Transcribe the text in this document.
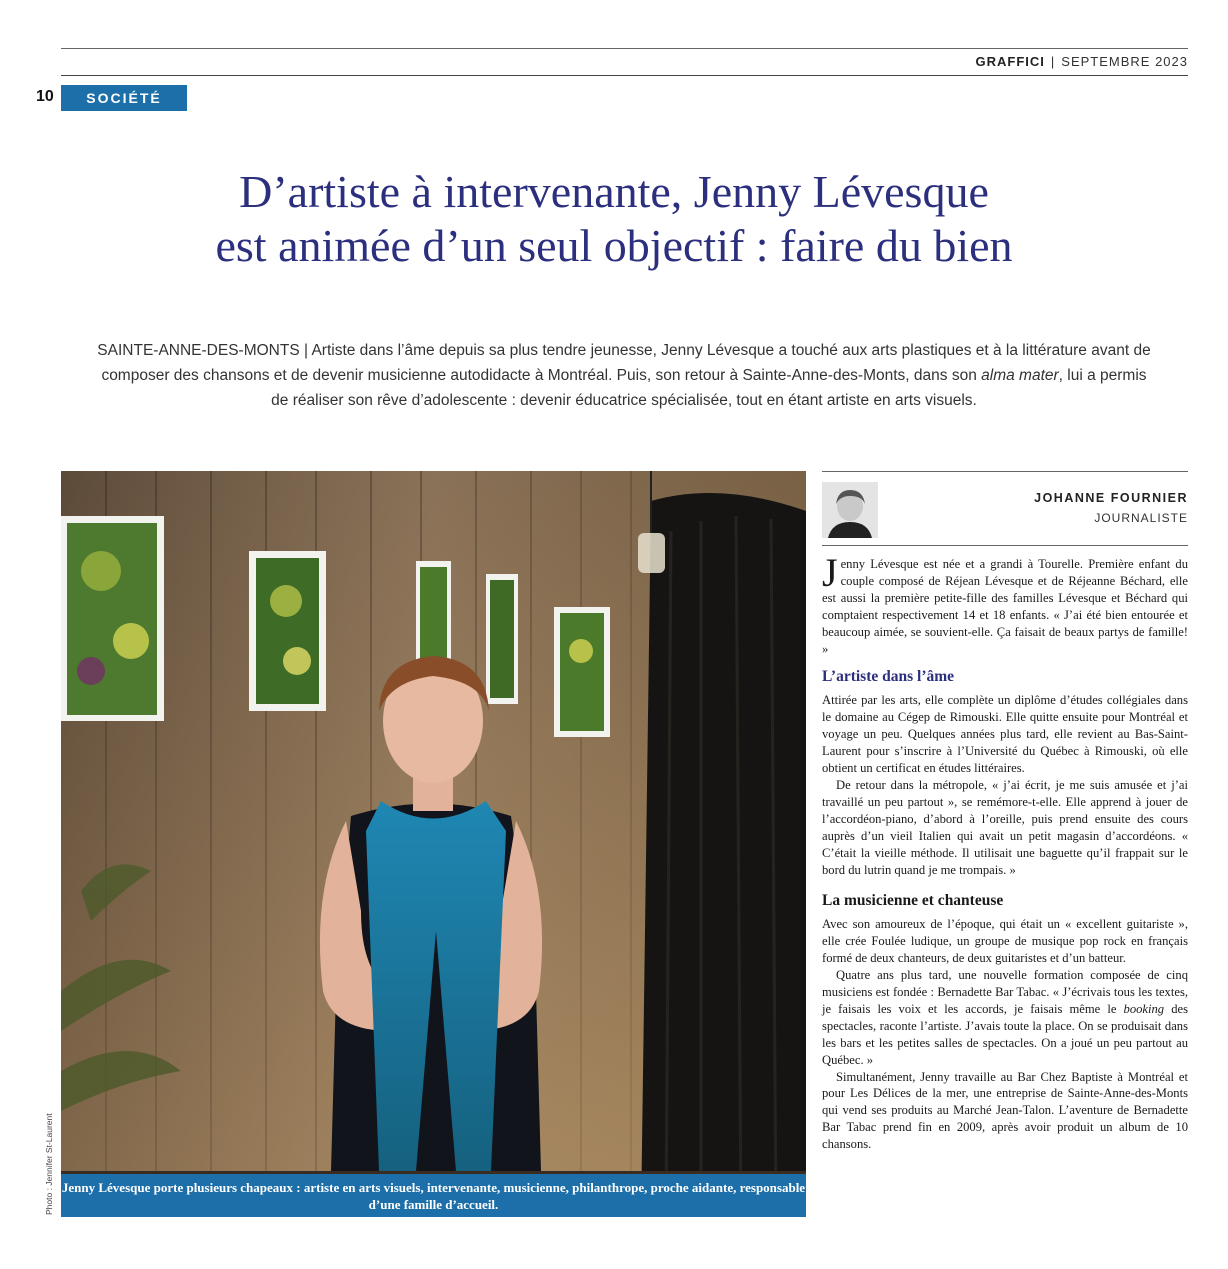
GRAFFICI | SEPTEMBRE 2023
10	SOCIÉTÉ
D’artiste à intervenante, Jenny Lévesque
est animée d’un seul objectif : faire du bien

SAINTE-ANNE-DES-MONTS | Artiste dans l’âme depuis sa plus tendre jeunesse, Jenny Lévesque a touché aux arts plastiques et à la littérature avant de composer des chansons et de devenir musicienne autodidacte à Montréal. Puis, son retour à Sainte-Anne-des-Monts, dans son alma mater, lui a permis de réaliser son rêve d’adolescente : devenir éducatrice spécialisée, tout en étant artiste en arts visuels.

Jenny Lévesque porte plusieurs chapeaux : artiste en arts visuels, intervenante, musicienne, philanthrope, proche aidante, responsable d’une famille d’accueil.
Photo : Jennifer St-Laurent
JOHANNE FOURNIER
JOURNALISTE

Jenny Lévesque est née et a grandi à Tourelle. Première enfant du couple composé de Réjean Lévesque et de Réjeanne Béchard, elle est aussi la première petite-fille des familles Lévesque et Béchard qui comptaient respectivement 14 et 18 enfants. « J’ai été bien entourée et beaucoup aimée, se souvient-elle. Ça faisait de beaux partys de famille! »

L’artiste dans l’âme

Attirée par les arts, elle complète un diplôme d’études collégiales dans le domaine au Cégep de Rimouski. Elle quitte ensuite pour Montréal et voyage un peu. Quelques années plus tard, elle revient au Bas-Saint-Laurent pour s’inscrire à l’Université du Québec à Rimouski, où elle obtient un certificat en études littéraires.

De retour dans la métropole, « j’ai écrit, je me suis amusée et j’ai travaillé un peu partout », se remémore-t-elle. Elle apprend à jouer de l’accordéon-piano, d’abord à l’oreille, puis prend ensuite des cours auprès d’un vieil Italien qui avait un petit magasin d’accordéons. « C’était la vieille méthode. Il utilisait une baguette qu’il frappait sur le bord du lutrin quand je me trompais. »

La musicienne et chanteuse

Avec son amoureux de l’époque, qui était un « excellent guitariste », elle crée Foulée ludique, un groupe de musique pop rock en français formé de deux chanteurs, de deux guitaristes et d’un batteur.

Quatre ans plus tard, une nouvelle formation composée de cinq musiciens est fondée : Bernadette Bar Tabac. « J’écrivais tous les textes, je faisais les voix et les accords, je faisais même le booking des spectacles, raconte l’artiste. J’avais toute la place. On se produisait dans les bars et les petites salles de spectacles. On a joué un peu partout au Québec. »

Simultanément, Jenny travaille au Bar Chez Baptiste à Montréal et pour Les Délices de la mer, une entreprise de Sainte-Anne-des-Monts qui vend ses produits au Marché Jean-Talon. L’aventure de Bernadette Bar Tabac prend fin en 2009, après avoir produit un album de 10 chansons.
